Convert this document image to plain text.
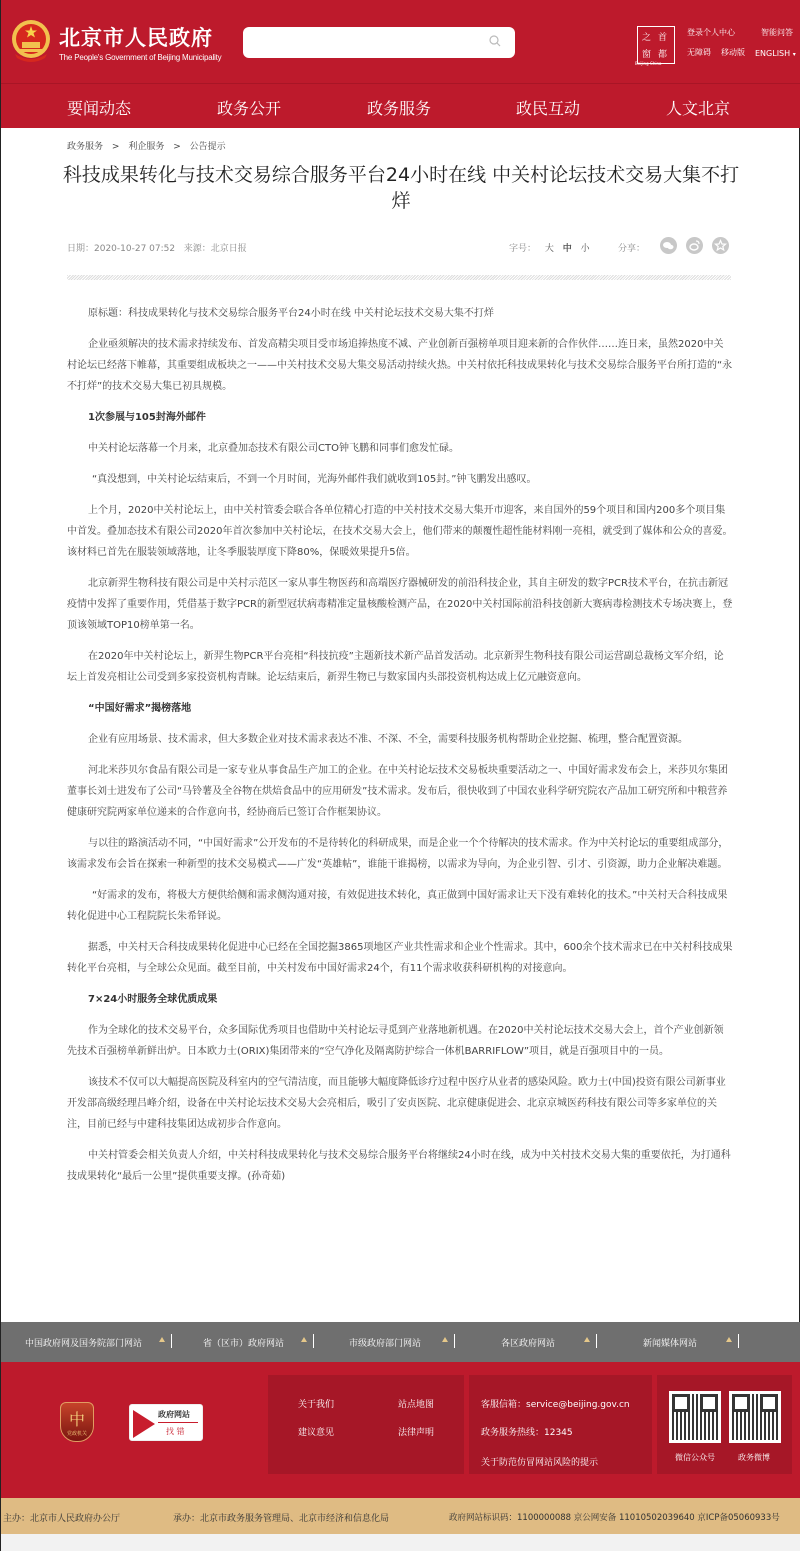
北京市人民政府
The People's Government of Beijing Municipality
之 首
窗 都
Beijing-China
登录个人中心	智能问答
无障碍 移动版 ENGLISH ▾
要闻动态	政务公开	政务服务	政民互动	人文北京
政务服务 > 利企服务 > 公告提示
科技成果转化与技术交易综合服务平台24小时在线 中关村论坛技术交易大集不打烊
日期：2020-10-27 07:52 来源：北京日报	字号： 大 中 小	分享：

原标题：科技成果转化与技术交易综合服务平台24小时在线 中关村论坛技术交易大集不打烊

企业亟须解决的技术需求持续发布、首发高精尖项目受市场追捧热度不减、产业创新百强榜单项目迎来新的合作伙伴……连日来，虽然2020中关村论坛已经落下帷幕，其重要组成板块之一——中关村技术交易大集交易活动持续火热。中关村依托科技成果转化与技术交易综合服务平台所打造的“永不打烊”的技术交易大集已初具规模。

1次参展与105封海外邮件

中关村论坛落幕一个月来，北京叠加态技术有限公司CTO钟飞鹏和同事们愈发忙碌。

“真没想到，中关村论坛结束后，不到一个月时间，光海外邮件我们就收到105封。”钟飞鹏发出感叹。

上个月，2020中关村论坛上，由中关村管委会联合各单位精心打造的中关村技术交易大集开市迎客，来自国外的59个项目和国内200多个项目集中首发。叠加态技术有限公司2020年首次参加中关村论坛，在技术交易大会上，他们带来的颠覆性超性能材料刚一亮相，就受到了媒体和公众的喜爱。该材料已首先在服装领域落地，让冬季服装厚度下降80%，保暖效果提升5倍。

北京新羿生物科技有限公司是中关村示范区一家从事生物医药和高端医疗器械研发的前沿科技企业，其自主研发的数字PCR技术平台，在抗击新冠疫情中发挥了重要作用，凭借基于数字PCR的新型冠状病毒精准定量核酸检测产品，在2020中关村国际前沿科技创新大赛病毒检测技术专场决赛上，登顶该领域TOP10榜单第一名。

在2020年中关村论坛上，新羿生物PCR平台亮相“科技抗疫”主题新技术新产品首发活动。北京新羿生物科技有限公司运营副总裁杨文军介绍，论坛上首发亮相让公司受到多家投资机构青睐。论坛结束后，新羿生物已与数家国内头部投资机构达成上亿元融资意向。

“中国好需求”揭榜落地

企业有应用场景、技术需求，但大多数企业对技术需求表达不准、不深、不全，需要科技服务机构帮助企业挖掘、梳理，整合配置资源。

河北米莎贝尔食品有限公司是一家专业从事食品生产加工的企业。在中关村论坛技术交易板块重要活动之一、中国好需求发布会上，米莎贝尔集团董事长刘士进发布了公司“马铃薯及全谷物在烘焙食品中的应用研发”技术需求。发布后，很快收到了中国农业科学研究院农产品加工研究所和中粮营养健康研究院两家单位递来的合作意向书，经协商后已签订合作框架协议。

与以往的路演活动不同，“中国好需求”公开发布的不是待转化的科研成果，而是企业一个个待解决的技术需求。作为中关村论坛的重要组成部分，该需求发布会旨在探索一种新型的技术交易模式——广发“英雄帖”，谁能干谁揭榜，以需求为导向，为企业引智、引才、引资源，助力企业解决难题。

“好需求的发布，将极大方便供给侧和需求侧沟通对接，有效促进技术转化，真正做到中国好需求让天下没有难转化的技术。”中关村天合科技成果转化促进中心工程院院长朱希铎说。

据悉，中关村天合科技成果转化促进中心已经在全国挖掘3865项地区产业共性需求和企业个性需求。其中，600余个技术需求已在中关村科技成果转化平台亮相，与全球公众见面。截至目前，中关村发布中国好需求24个，有11个需求收获科研机构的对接意向。

7×24小时服务全球优质成果

作为全球化的技术交易平台，众多国际优秀项目也借助中关村论坛寻觅到产业落地新机遇。在2020中关村论坛技术交易大会上，首个产业创新领先技术百强榜单新鲜出炉。日本欧力士(ORIX)集团带来的“空气净化及隔离防护综合一体机BARRIFLOW”项目，就是百强项目中的一员。

该技术不仅可以大幅提高医院及科室内的空气清洁度，而且能够大幅度降低诊疗过程中医疗从业者的感染风险。欧力士(中国)投资有限公司新事业开发部高级经理吕峰介绍，设备在中关村论坛技术交易大会亮相后，吸引了安贞医院、北京健康促进会、北京京城医药科技有限公司等多家单位的关注，目前已经与中建科技集团达成初步合作意向。

中关村管委会相关负责人介绍，中关村科技成果转化与技术交易综合服务平台将继续24小时在线，成为中关村技术交易大集的重要依托，为打通科技成果转化“最后一公里”提供重要支撑。(孙奇茹)

中国政府网及国务院部门网站	省（区市）政府网站	市级政府部门网站	各区政府网站	新闻媒体网站
中
党政机关
政府网站
找 错
关于我们
建议意见
站点地图
法律声明
客服信箱：service@beijing.gov.cn
政务服务热线：12345
关于防范仿冒网站风险的提示
微信公众号	政务微博
主办：北京市人民政府办公厅	承办：北京市政务服务管理局、北京市经济和信息化局	政府网站标识码：1100000088 京公网安备 11010502039640 京ICP备05060933号
